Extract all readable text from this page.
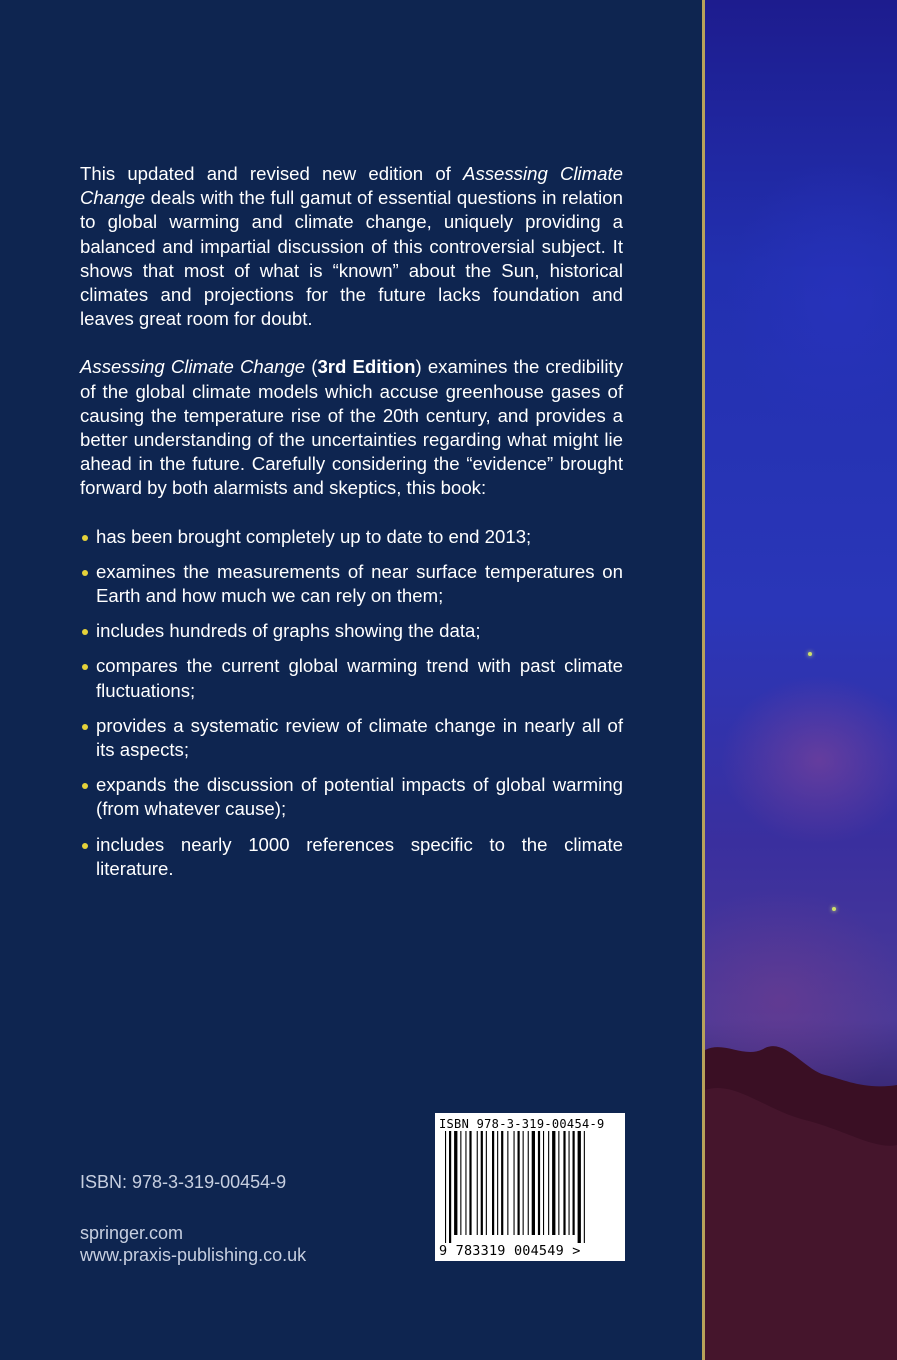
This updated and revised new edition of Assessing Climate Change deals with the full gamut of essential questions in relation to global warming and climate change, uniquely providing a balanced and impartial discussion of this controversial subject. It shows that most of what is “known” about the Sun, historical climates and projections for the future lacks foundation and leaves great room for doubt.

Assessing Climate Change (3rd Edition) examines the credibility of the global climate models which accuse greenhouse gases of causing the temperature rise of the 20th century, and provides a better understanding of the uncertainties regarding what might lie ahead in the future. Carefully considering the “evidence” brought forward by both alarmists and skeptics, this book:

has been brought completely up to date to end 2013;
examines the measurements of near surface temperatures on Earth and how much we can rely on them;
includes hundreds of graphs showing the data;
compares the current global warming trend with past climate fluctuations;
provides a systematic review of climate change in nearly all of its aspects;
expands the discussion of potential impacts of global warming (from whatever cause);
includes nearly 1000 references specific to the climate literature.
ISBN: 978-3-319-00454-9
springer.com
www.praxis-publishing.co.uk
ISBN 978-3-319-00454-9
9 783319 004549 >
